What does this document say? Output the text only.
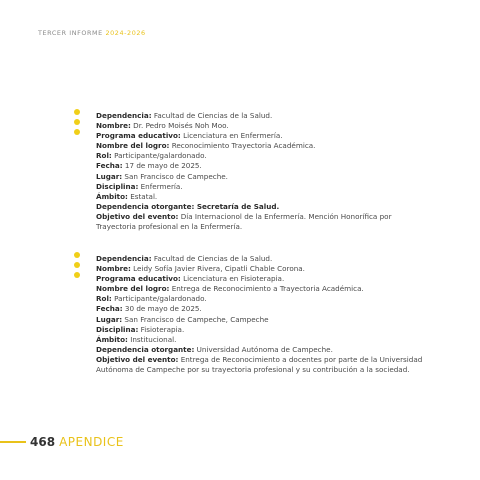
TERCER INFORME 2024-2026

Dependencia: Facultad de Ciencias de la Salud.

Nombre: Dr. Pedro Moisés Noh Moo.

Programa educativo: Licenciatura en Enfermería.

Nombre del logro: Reconocimiento Trayectoria Académica.

Rol: Participante/galardonado.

Fecha: 17 de mayo de 2025.

Lugar: San Francisco de Campeche.

Disciplina: Enfermería.

Ámbito: Estatal.

Dependencia otorgante: Secretaría de Salud.

Objetivo del evento: Día Internacionol de la Enfermería. Mención Honorífica por Trayectoria profesional en la Enfermería.

Dependencia: Facultad de Ciencias de la Salud.

Nombre: Leidy Sofía Javier Rivera, Cipatli Chable Corona.

Programa educativo: Licenciatura en Fisioterapia.

Nombre del logro: Entrega de Reconocimiento a Trayectoria Académica.

Rol: Participante/galardonado.

Fecha: 30 de mayo de 2025.

Lugar: San Francisco de Campeche, Campeche

Disciplina: Fisioterapia.

Ámbito: Institucional.

Dependencia otorgante: Universidad Autónoma de Campeche.

Objetivo del evento: Entrega de Reconocimiento a docentes por parte de la Universidad Autónoma de Campeche por su trayectoria profesional y su contribución a la sociedad.

468 APENDICE
